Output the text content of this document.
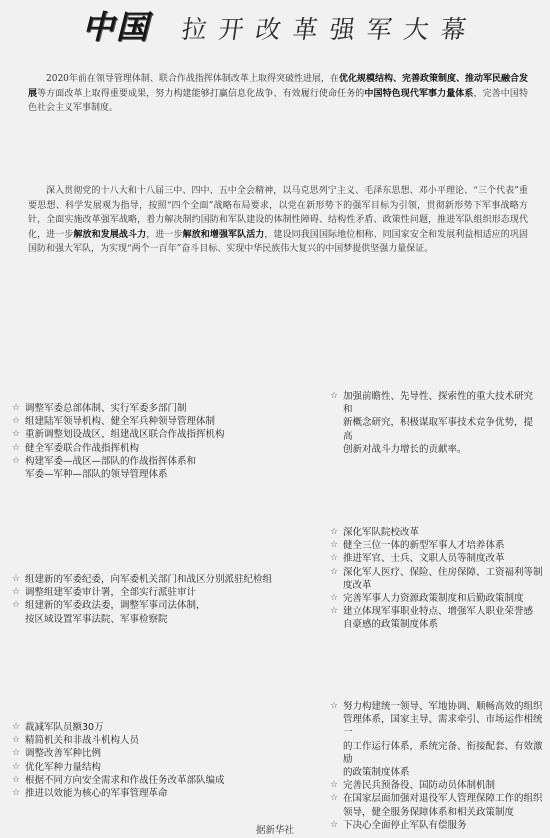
中国 拉开改革强军大幕

2020年前在领导管理体制、联合作战指挥体制改革上取得突破性进展，在优化规模结构、完善政策制度、推动军民融合发展等方面改革上取得重要成果，努力构建能够打赢信息化战争、有效履行使命任务的中国特色现代军事力量体系，完善中国特色社会主义军事制度。

深入贯彻党的十八大和十八届三中、四中、五中全会精神，以马克思列宁主义、毛泽东思想、邓小平理论、“三个代表”重要思想、科学发展观为指导，按照“四个全面”战略布局要求，以党在新形势下的强军目标为引领，贯彻新形势下军事战略方针，全面实施改革强军战略，着力解决制约国防和军队建设的体制性障碍、结构性矛盾、政策性问题，推进军队组织形态现代化，进一步解放和发展战斗力，进一步解放和增强军队活力，建设同我国国际地位相称、同国家安全和发展利益相适应的巩固国防和强大军队，为实现“两个一百年”奋斗目标、实现中华民族伟大复兴的中国梦提供坚强力量保证。

☆ 调整军委总部体制、实行军委多部门制
☆ 组建陆军领导机构、健全军兵种领导管理体制
☆ 重新调整划设战区、组建战区联合作战指挥机构
☆ 健全军委联合作战指挥机构
☆ 构建军委—战区—部队的作战指挥体系和
军委—军种—部队的领导管理体系
☆ 加强前瞻性、先导性、探索性的重大技术研究和
新概念研究，积极谋取军事技术竞争优势，提高
创新对战斗力增长的贡献率。
☆ 深化军队院校改革
☆ 健全三位一体的新型军事人才培养体系
☆ 推进军官、士兵、文职人员等制度改革
☆ 深化军人医疗、保险、住房保障、工资福利等制度改革
☆ 完善军事人力资源政策制度和后勤政策制度
☆ 建立体现军事职业特点、增强军人职业荣誉感
自豪感的政策制度体系
☆ 组建新的军委纪委，向军委机关部门和战区分别派驻纪检组
☆ 调整组建军委审计署，全部实行派驻审计
☆ 组建新的军委政法委，调整军事司法体制，
按区域设置军事法院、军事检察院
☆ 努力构建统一领导、军地协调、顺畅高效的组织
管理体系，国家主导、需求牵引、市场运作相统一
的工作运行体系，系统完备、衔接配套、有效激励
的政策制度体系
☆ 完善民兵预备役、国防动员体制机制
☆ 在国家层面加强对退役军人管理保障工作的组织
领导，健全服务保障体系和相关政策制度
☆ 下决心全面停止军队有偿服务
☆ 裁减军队员额30万
☆ 精简机关和非战斗机构人员
☆ 调整改善军种比例
☆ 优化军种力量结构
☆ 根据不同方向安全需求和作战任务改革部队编成
☆ 推进以效能为核心的军事管理革命
据新华社
